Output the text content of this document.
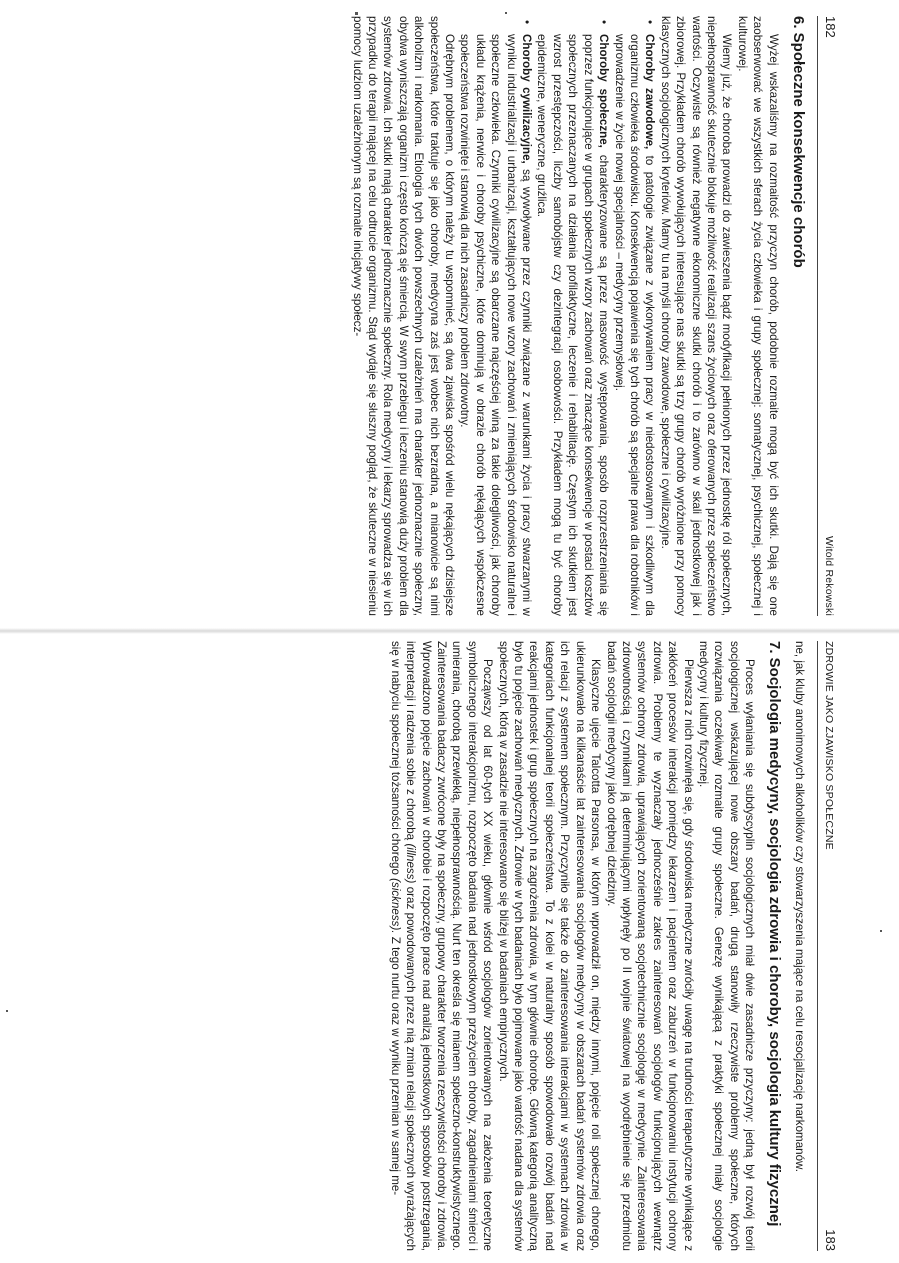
182
Witold Rekowski
6. Społeczne konsekwencje chorób

Wyżej wskazaliśmy na rozmaitość przyczyn chorób, podobnie rozmaite mogą być ich skutki. Dają się one zaobserwować we wszystkich sferach życia człowieka i grupy społecznej: somatycznej, psychicznej, społecznej i kulturowej.

Wiemy już, że choroba prowadzi do zawieszenia bądź modyfikacji pełnionych przez jednostkę ról społecznych, niepełnosprawność skutecznie blokuje możliwość realizacji szans życiowych oraz oferowanych przez społeczeństwo wartości. Oczywiste są również negatywne ekonomiczne skutki chorób i to zarówno w skali jednostkowej jak i zbiorowej. Przykładem chorób wywołujących interesujące nas skutki są trzy grupy chorób wyróżnione przy pomocy klasycznych socjologicznych kryteriów. Mamy tu na myśli choroby zawodowe, społeczne i cywilizacyjne.

• Choroby zawodowe, to patologie związane z wykonywaniem pracy w niedostosowanym i szkodliwym dla organizmu człowieka środowisku. Konsekwencją pojawienia się tych chorób są specjalne prawa dla robotników i wprowadzenie w życie nowej specjalności – medycyny przemysłowej.
• Choroby społeczne, charakteryzowane są przez masowość występowania, sposób rozprzestrzeniania się poprzez funkcjonujące w grupach społecznych wzory zachowań oraz znaczące konsekwencje w postaci kosztów społecznych przeznaczanych na działania profilaktyczne, leczenie i rehabilitację. Częstym ich skutkiem jest wzrost przestępczości, liczby samobójstw czy dezintegracji osobowości. Przykładem mogą tu być choroby epidemiczne, weneryczne, gruźlica.
• Choroby cywilizacyjne, są wywoływane przez czynniki związane z warunkami życia i pracy stwarzanymi w wyniku industrializacji i urbanizacji, kształtujących nowe wzory zachowań i zmieniających środowisko naturalne i społeczne człowieka. Czynniki cywilizacyjne są obarczane najczęściej winą za takie dolegliwości, jak choroby układu krążenia, nerwice i choroby psychiczne, które dominują w obrazie chorób nękających współczesne społeczeństwa rozwinięte i stanowią dla nich zasadniczy problem zdrowotny.

Odrębnym problemem, o którym należy tu wspomnieć, są dwa zjawiska spośród wielu nękających dzisiejsze społeczeństwa, które traktuje się jako choroby, medycyna zaś jest wobec nich bezradna, a mianowicie są nimi alkoholizm i narkomania. Etiologia tych dwóch powszechnych uzależnień ma charakter jednoznacznie społeczny, obydwa wyniszczają organizm i często kończą się śmiercią. W swym przebiegu i leczeniu stanowią duży problem dla systemów zdrowia. Ich skutki mają charakter jednoznacznie społeczny. Rola medycyny i lekarzy sprowadza się w ich przypadku do terapii mającej na celu odtrucie organizmu. Stąd wydaje się słuszny pogląd, że skuteczne w niesieniu pomocy ludziom uzależnionym są rozmaite inicjatywy społecz-

ZDROWIE JAKO ZJAWISKO SPOŁECZNE
183

ne, jak kluby anonimowych alkoholików czy stowarzyszenia mające na celu resocjalizację narkomanów.

7. Socjologia medycyny, socjologia zdrowia i choroby, socjologia kultury fizycznej

Proces wyłaniania się subdyscyplin socjologicznych miał dwie zasadnicze przyczyny: jedną był rozwój teorii socjologicznej wskazującej nowe obszary badań, drugą stanowiły rzeczywiste problemy społeczne, których rozwiązania oczekiwały rozmaite grupy społeczne. Genezę wynikającą z praktyki społecznej miały socjologie medycyny i kultury fizycznej.

Pierwsza z nich rozwinęła się, gdy środowiska medyczne zwróciły uwagę na trudności terapeutyczne wynikające z zakłóceń procesów interakcji pomiędzy lekarzem i pacjentem oraz zaburzeń w funkcjonowaniu instytucji ochrony zdrowia. Problemy te wyznaczały jednocześnie zakres zainteresowań socjologów funkcjonujących wewnątrz systemów ochrony zdrowia, uprawiających zorientowaną socjotechnicznie socjologię w medycynie. Zainteresowania zdrowotnością i czynnikami ją determinującymi wpłynęły po II wojnie światowej na wyodrębnienie się przedmiotu badań socjologii medycyny jako odrębnej dziedziny.

Klasyczne ujęcie Talcotta Parsonsa, w którym wprowadził on, między innymi, pojęcie roli społecznej chorego, ukierunkowało na kilkanaście lat zainteresowania socjologów medycyny w obszarach badań systemów zdrowia oraz ich relacji z systemem społecznym. Przyczyniło się także do zainteresowania interakcjami w systemach zdrowia w kategoriach funkcjonalnej teorii społeczeństwa. To z kolei w naturalny sposób spowodowało rozwój badań nad reakcjami jednostek i grup społecznych na zagrożenia zdrowia, w tym głównie chorobę. Główną kategorią analityczną było tu pojęcie zachowań medycznych. Zdrowie w tych badaniach było pojmowane jako wartość nadana dla systemów społecznych, którą w zasadzie nie interesowano się bliżej w badaniach empirycznych.

Począwszy od lat 60-tych XX wieku, głównie wśród socjologów zorientowanych na założenia teoretyczne symbolicznego interakcjonizmu, rozpoczęto badania nad jednostkowym przeżyciem choroby, zagadnieniami śmierci i umierania, chorobą przewlekłą, niepełnosprawnością. Nurt ten określa się mianem społeczno-konstruktywistycznego. Zainteresowania badaczy zwrócone były na społeczny, grupowy charakter tworzenia rzeczywistości choroby i zdrowia. Wprowadzono pojęcie zachowań w chorobie i rozpoczęto prace nad analizą jednostkowych sposobów postrzegania, interpretacji i radzenia sobie z chorobą (illness) oraz powodowanych przez nią zmian relacji społecznych wyrażających się w nabyciu społecznej tożsamości chorego (sickness). Z tego nurtu oraz w wyniku przemian w samej me-
